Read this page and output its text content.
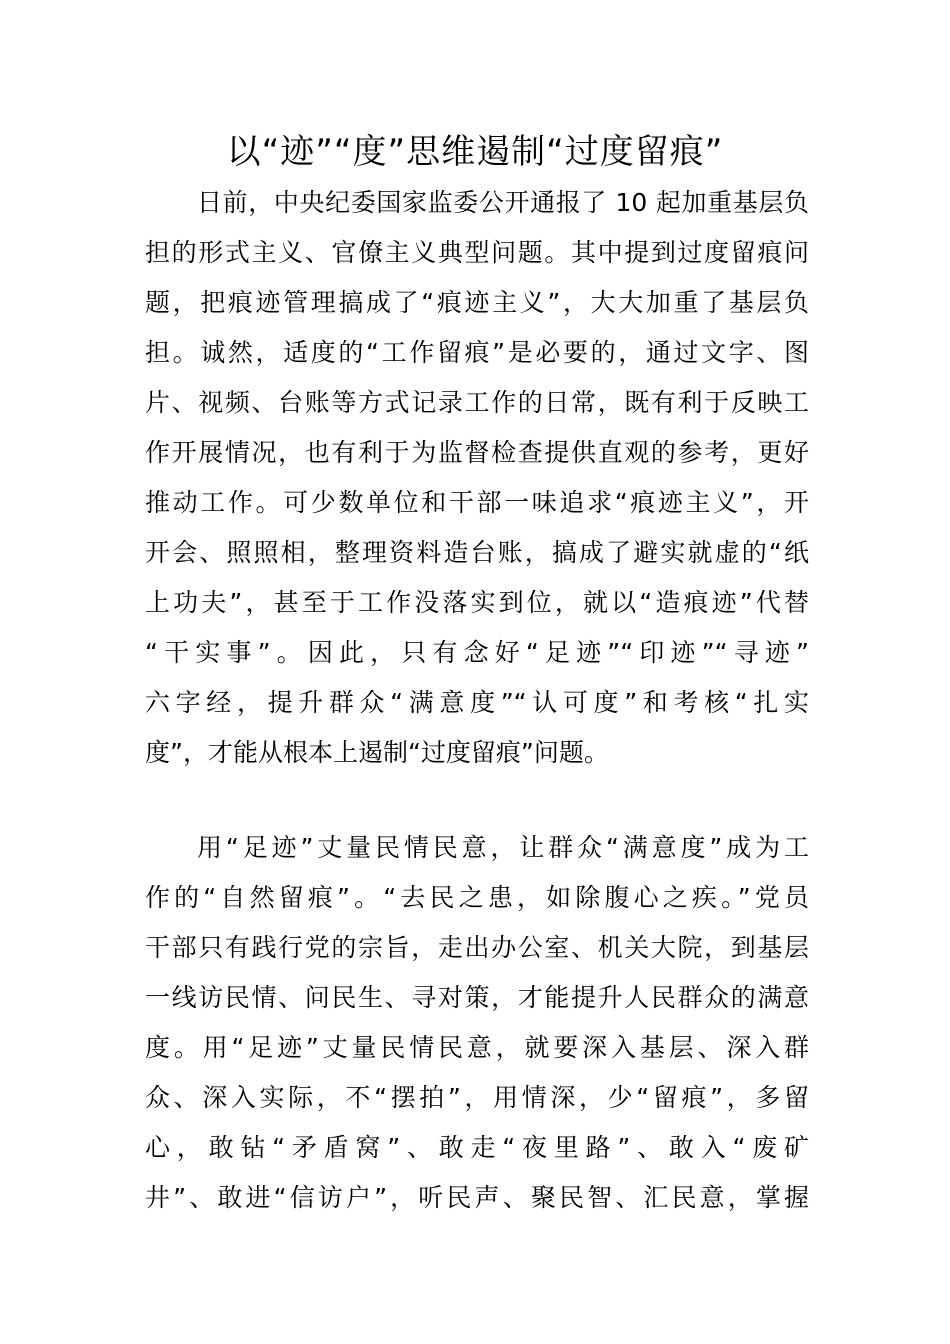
以“迹”“度”思维遏制“过度留痕”
日前，中央纪委国家监委公开通报了 10 起加重基层负
担的形式主义、官僚主义典型问题。其中提到过度留痕问
题，把痕迹管理搞成了“痕迹主义”，大大加重了基层负
担。诚然，适度的“工作留痕”是必要的，通过文字、图
片、视频、台账等方式记录工作的日常，既有利于反映工
作开展情况，也有利于为监督检查提供直观的参考，更好
推动工作。可少数单位和干部一味追求“痕迹主义”，开
开会、照照相，整理资料造台账，搞成了避实就虚的“纸
上功夫”，甚至于工作没落实到位，就以“造痕迹”代替
“干实事”。因此，只有念好“足迹”“印迹”“寻迹”
六字经，提升群众“满意度”“认可度”和考核“扎实
度”，才能从根本上遏制“过度留痕”问题。
用“足迹”丈量民情民意，让群众“满意度”成为工
作的“自然留痕”。“去民之患，如除腹心之疾。”党员
干部只有践行党的宗旨，走出办公室、机关大院，到基层
一线访民情、问民生、寻对策，才能提升人民群众的满意
度。用“足迹”丈量民情民意，就要深入基层、深入群
众、深入实际，不“摆拍”，用情深，少“留痕”，多留
心，敢钻“矛盾窝”、敢走“夜里路”、敢入“废矿
井”、敢进“信访户”，听民声、聚民智、汇民意，掌握
